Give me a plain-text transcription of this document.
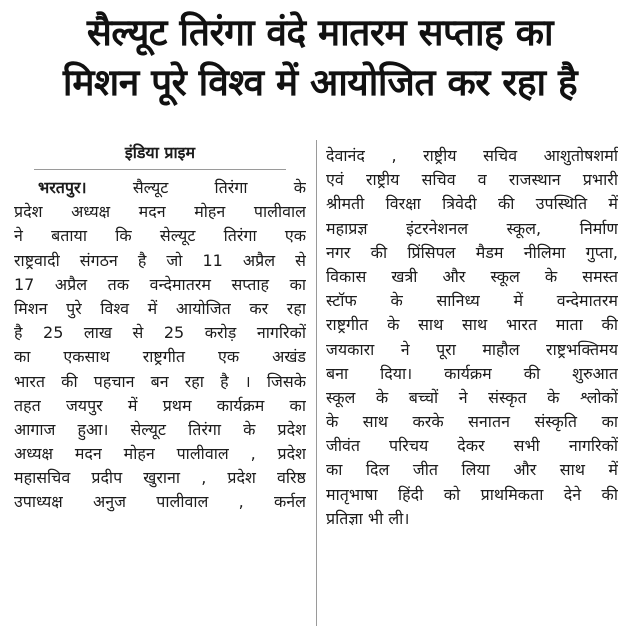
सैल्यूट तिरंगा वंदे मातरम सप्ताह का
मिशन पूरे विश्व में आयोजित कर रहा है
इंडिया प्राइम
भरतपुर। सैल्यूट तिरंगा के
प्रदेश अध्यक्ष मदन मोहन पालीवाल
ने बताया कि सेल्यूट तिरंगा एक
राष्ट्रवादी संगठन है जो 11 अप्रैल से
17 अप्रैल तक वन्देमातरम सप्ताह का
मिशन पुरे विश्व में आयोजित कर रहा
है 25 लाख से 25 करोड़ नागरिकों
का एकसाथ राष्ट्रगीत एक अखंड
भारत की पहचान बन रहा है । जिसके
तहत जयपुर में प्रथम कार्यक्रम का
आगाज हुआ। सेल्यूट तिरंगा के प्रदेश
अध्यक्ष मदन मोहन पालीवाल , प्रदेश
महासचिव प्रदीप खुराना , प्रदेश वरिष्ठ
उपाध्यक्ष अनुज पालीवाल , कर्नल
देवानंद , राष्ट्रीय सचिव आशुतोषशर्मा
एवं राष्ट्रीय सचिव व राजस्थान प्रभारी
श्रीमती विरक्षा त्रिवेदी की उपस्थिति में
महाप्रज्ञ इंटरनेशनल स्कूल, निर्माण
नगर की प्रिंसिपल मैडम नीलिमा गुप्ता,
विकास खत्री और स्कूल के समस्त
स्टॉफ के सानिध्य में वन्देमातरम
राष्ट्रगीत के साथ साथ भारत माता की
जयकारा ने पूरा माहौल राष्ट्रभक्तिमय
बना दिया। कार्यक्रम की शुरुआत
स्कूल के बच्चों ने संस्कृत के श्लोकों
के साथ करके सनातन संस्कृति का
जीवंत परिचय देकर सभी नागरिकों
का दिल जीत लिया और साथ में
मातृभाषा हिंदी को प्राथमिकता देने की
प्रतिज्ञा भी ली।
